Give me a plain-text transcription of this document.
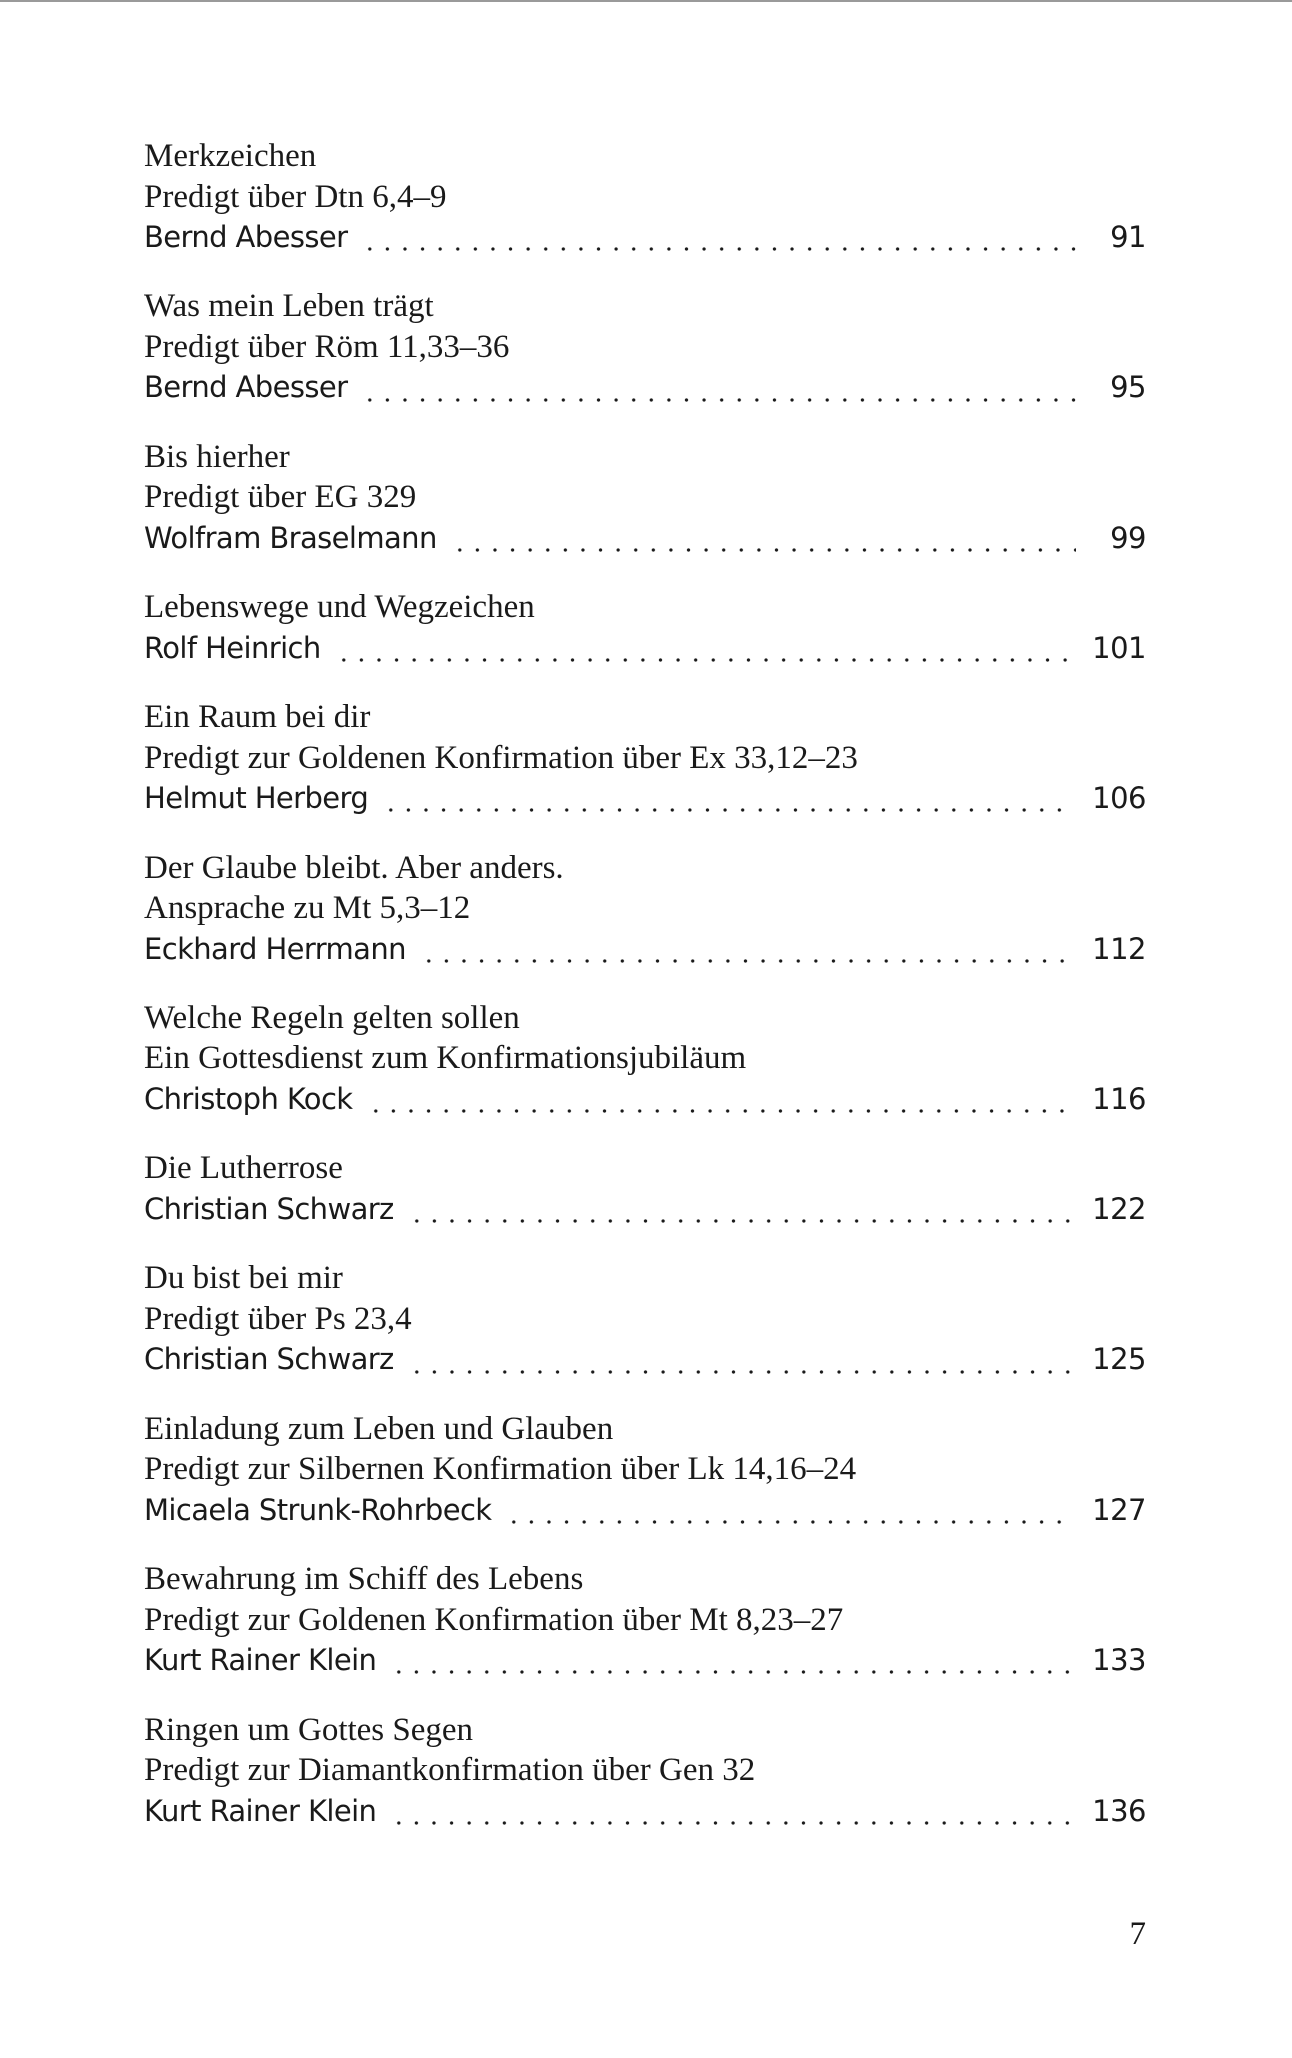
Merkzeichen
Predigt über Dtn 6,4–9
Bernd Abesser	91
Was mein Leben trägt
Predigt über Röm 11,33–36
Bernd Abesser	95
Bis hierher
Predigt über EG 329
Wolfram Braselmann	99
Lebenswege und Wegzeichen
Rolf Heinrich	101
Ein Raum bei dir
Predigt zur Goldenen Konfirmation über Ex 33,12–23
Helmut Herberg	106
Der Glaube bleibt. Aber anders.
Ansprache zu Mt 5,3–12
Eckhard Herrmann	112
Welche Regeln gelten sollen
Ein Gottesdienst zum Konfirmationsjubiläum
Christoph Kock	116
Die Lutherrose
Christian Schwarz	122
Du bist bei mir
Predigt über Ps 23,4
Christian Schwarz	125
Einladung zum Leben und Glauben
Predigt zur Silbernen Konfirmation über Lk 14,16–24
Micaela Strunk-Rohrbeck	127
Bewahrung im Schiff des Lebens
Predigt zur Goldenen Konfirmation über Mt 8,23–27
Kurt Rainer Klein	133
Ringen um Gottes Segen
Predigt zur Diamantkonfirmation über Gen 32
Kurt Rainer Klein	136
7
